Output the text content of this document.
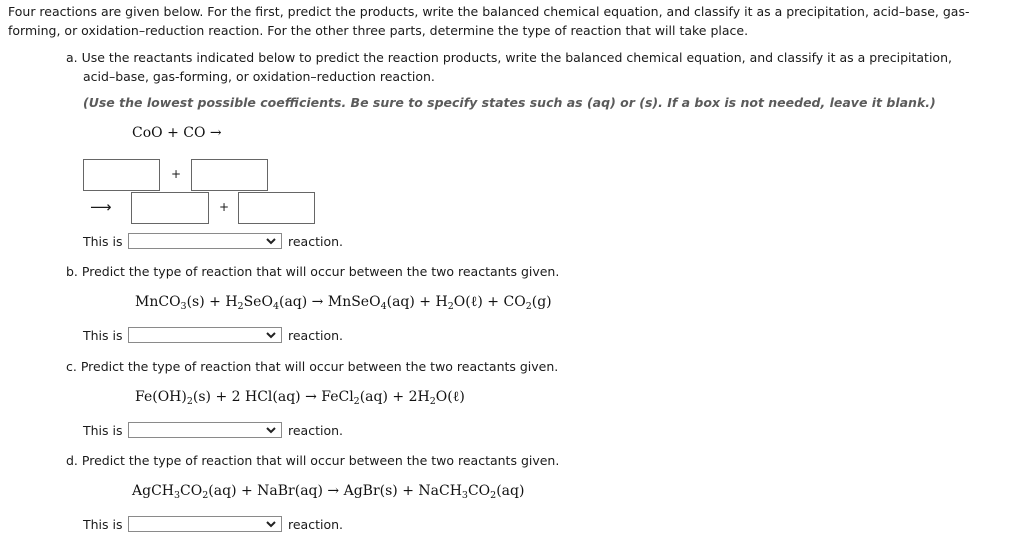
Four reactions are given below. For the first, predict the products, write the balanced chemical equation, and classify it as a precipitation, acid–base, gas-forming, or oxidation–reduction reaction. For the other three parts, determine the type of reaction that will take place.
a. Use the reactants indicated below to predict the reaction products, write the balanced chemical equation, and classify it as a precipitation,
acid–base, gas-forming, or oxidation–reduction reaction.
(Use the lowest possible coefficients. Be sure to specify states such as (aq) or (s). If a box is not needed, leave it blank.)
CoO + CO →
+
⟶	+
This is	reaction.
b. Predict the type of reaction that will occur between the two reactants given.
MnCO$_3$(s) + $H_2SeO_4(aq)$ → MnSeO$_4$(aq) + $H_2O(\ell) + CO_2(g)$
This is	reaction.
c. Predict the type of reaction that will occur between the two reactants given.
$Fe(OH)_2(s) + 2$ HCl(aq) → FeCl$_2$(aq) + $2H_2O(\ell)$
This is	reaction.
d. Predict the type of reaction that will occur between the two reactants given.
$AgCH_3CO_2(aq)$ + NaBr(aq) → AgBr(s) + $NaCH_3CO_2(aq)$
This is	reaction.
